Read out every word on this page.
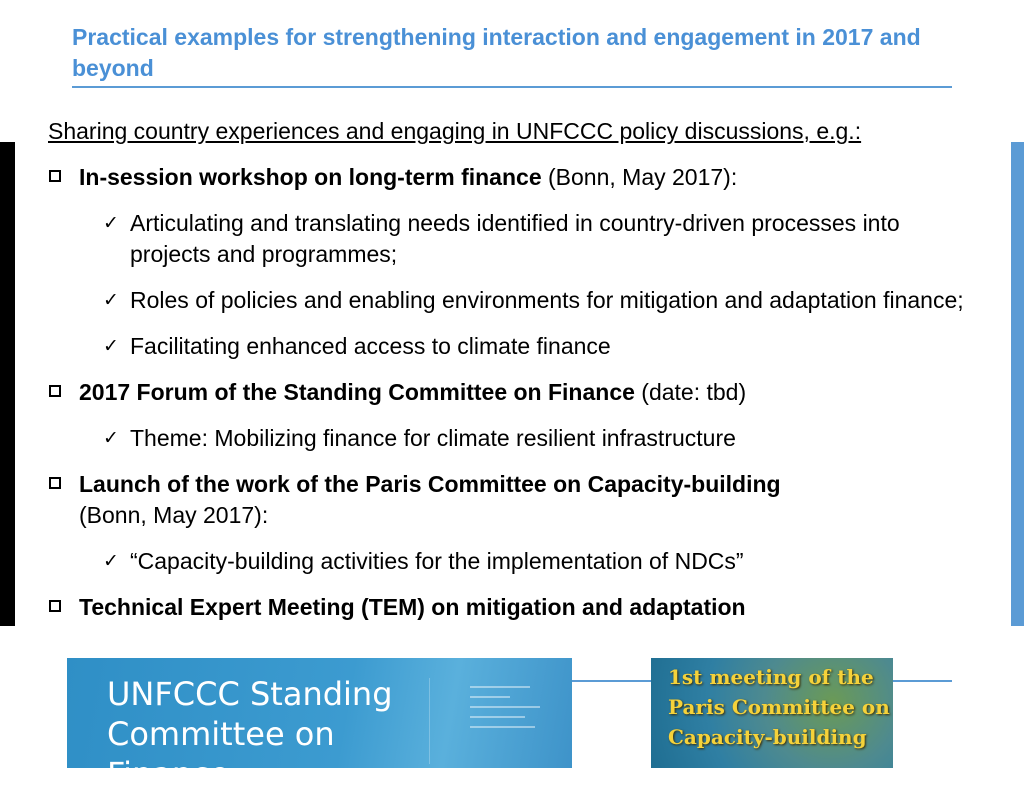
Practical examples for strengthening interaction and engagement in 2017 and beyond

Sharing country experiences and engaging in UNFCCC policy discussions, e.g.:

In-session workshop on long-term finance (Bonn, May 2017):
✓ Articulating and translating needs identified in country-driven processes into projects and programmes;
✓ Roles of policies and enabling environments for mitigation and adaptation finance;
✓ Facilitating enhanced access to climate finance
2017 Forum of the Standing Committee on Finance (date: tbd)
✓ Theme: Mobilizing finance for climate resilient infrastructure
Launch of the work of the Paris Committee on Capacity-building
(Bonn, May 2017):
✓ “Capacity-building activities for the implementation of NDCs”
Technical Expert Meeting (TEM) on mitigation and adaptation
UNFCCC Standing Committee on Finance
1st meeting of the
Paris Committee on
Capacity-building
